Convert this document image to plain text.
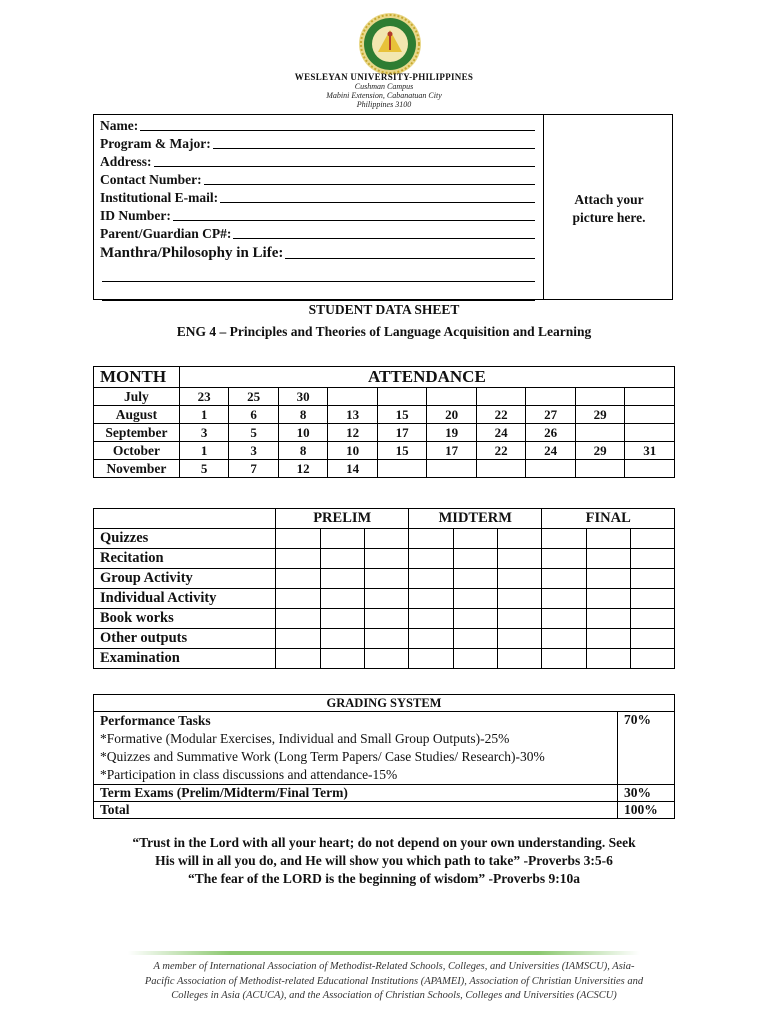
WESLEYAN UNIVERSITY-PHILIPPINES
Cushman Campus
Mabini Extension, Cabanatuan City
Philippines 3100
Name:
Program & Major:
Address:
Contact Number:
Institutional E-mail:
ID Number:
Parent/Guardian CP#:
Manthra/Philosophy in Life:
Attach your
picture here.
STUDENT DATA SHEET
ENG 4 – Principles and Theories of Language Acquisition and Learning
MONTH	ATTENDANCE									
July	23	25	30							
August	1	6	8	13	15	20	22	27	29	
September	3	5	10	12	17	19	24	26		
October	1	3	8	10	15	17	22	24	29	31
November	5	7	12	14						
	PRELIM			MIDTERM			FINAL		
Quizzes									
Recitation									
Group Activity									
Individual Activity									
Book works									
Other outputs									
Examination									
GRADING SYSTEM	

Performance Tasks
*Formative (Modular Exercises, Individual and Small Group Outputs)-25%
*Quizzes and Summative Work (Long Term Papers/ Case Studies/ Research)-30%
*Participation in class discussions and attendance-15%	70%
Term Exams (Prelim/Midterm/Final Term)	30%
Total	100%
“Trust in the Lord with all your heart; do not depend on your own understanding. Seek
His will in all you do, and He will show you which path to take” -Proverbs 3:5-6
“The fear of the LORD is the beginning of wisdom” -Proverbs 9:10a
A member of International Association of Methodist-Related Schools, Colleges, and Universities (IAMSCU), Asia-
Pacific Association of Methodist-related Educational Institutions (APAMEI), Association of Christian Universities and
Colleges in Asia (ACUCA), and the Association of Christian Schools, Colleges and Universities (ACSCU)
